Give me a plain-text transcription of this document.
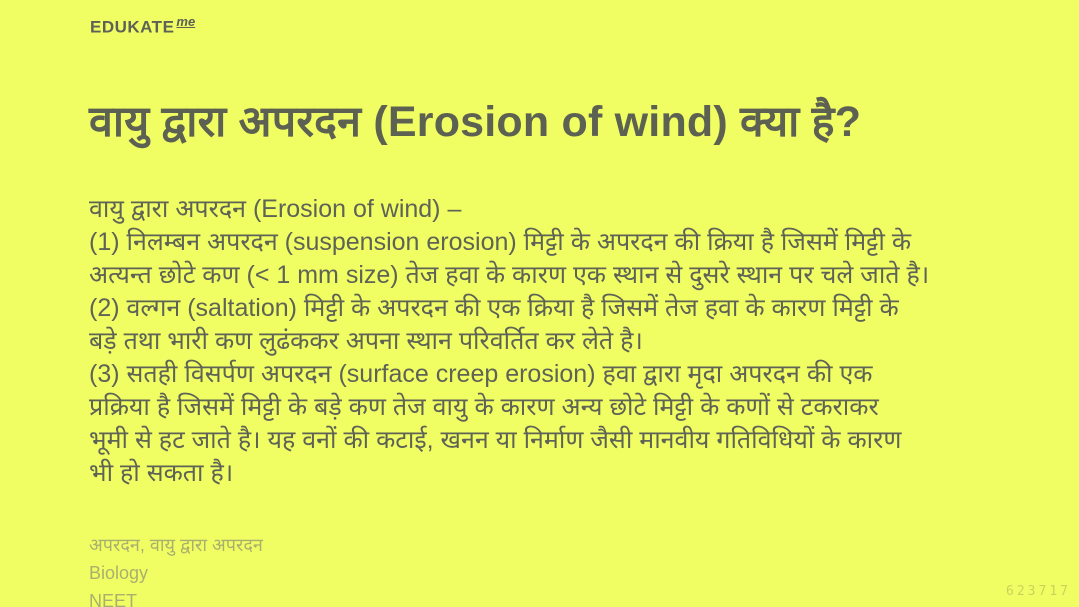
EDUKATE $^{me}$
वायु द्वारा अपरदन (Erosion of wind) क्या है?
वायु द्वारा अपरदन (Erosion of wind) –
(1) निलम्बन अपरदन (suspension erosion) मिट्टी के अपरदन की क्रिया है जिसमें मिट्टी के
अत्यन्त छोटे कण (< 1 mm size) तेज हवा के कारण एक स्थान से दुसरे स्थान पर चले जाते है।
(2) वल्गन (saltation) मिट्टी के अपरदन की एक क्रिया है जिसमें तेज हवा के कारण मिट्टी के
बड़े तथा भारी कण लुढंककर अपना स्थान परिवर्तित कर लेते है।
(3) सतही विसर्पण अपरदन (surface creep erosion) हवा द्वारा मृदा अपरदन की एक
प्रक्रिया है जिसमें मिट्टी के बड़े कण तेज वायु के कारण अन्य छोटे मिट्टी के कणों से टकराकर
भूमी से हट जाते है। यह वनों की कटाई, खनन या निर्माण जैसी मानवीय गतिविधियों के कारण
भी हो सकता है।
अपरदन, वायु द्वारा अपरदन
Biology
NEET	623717
